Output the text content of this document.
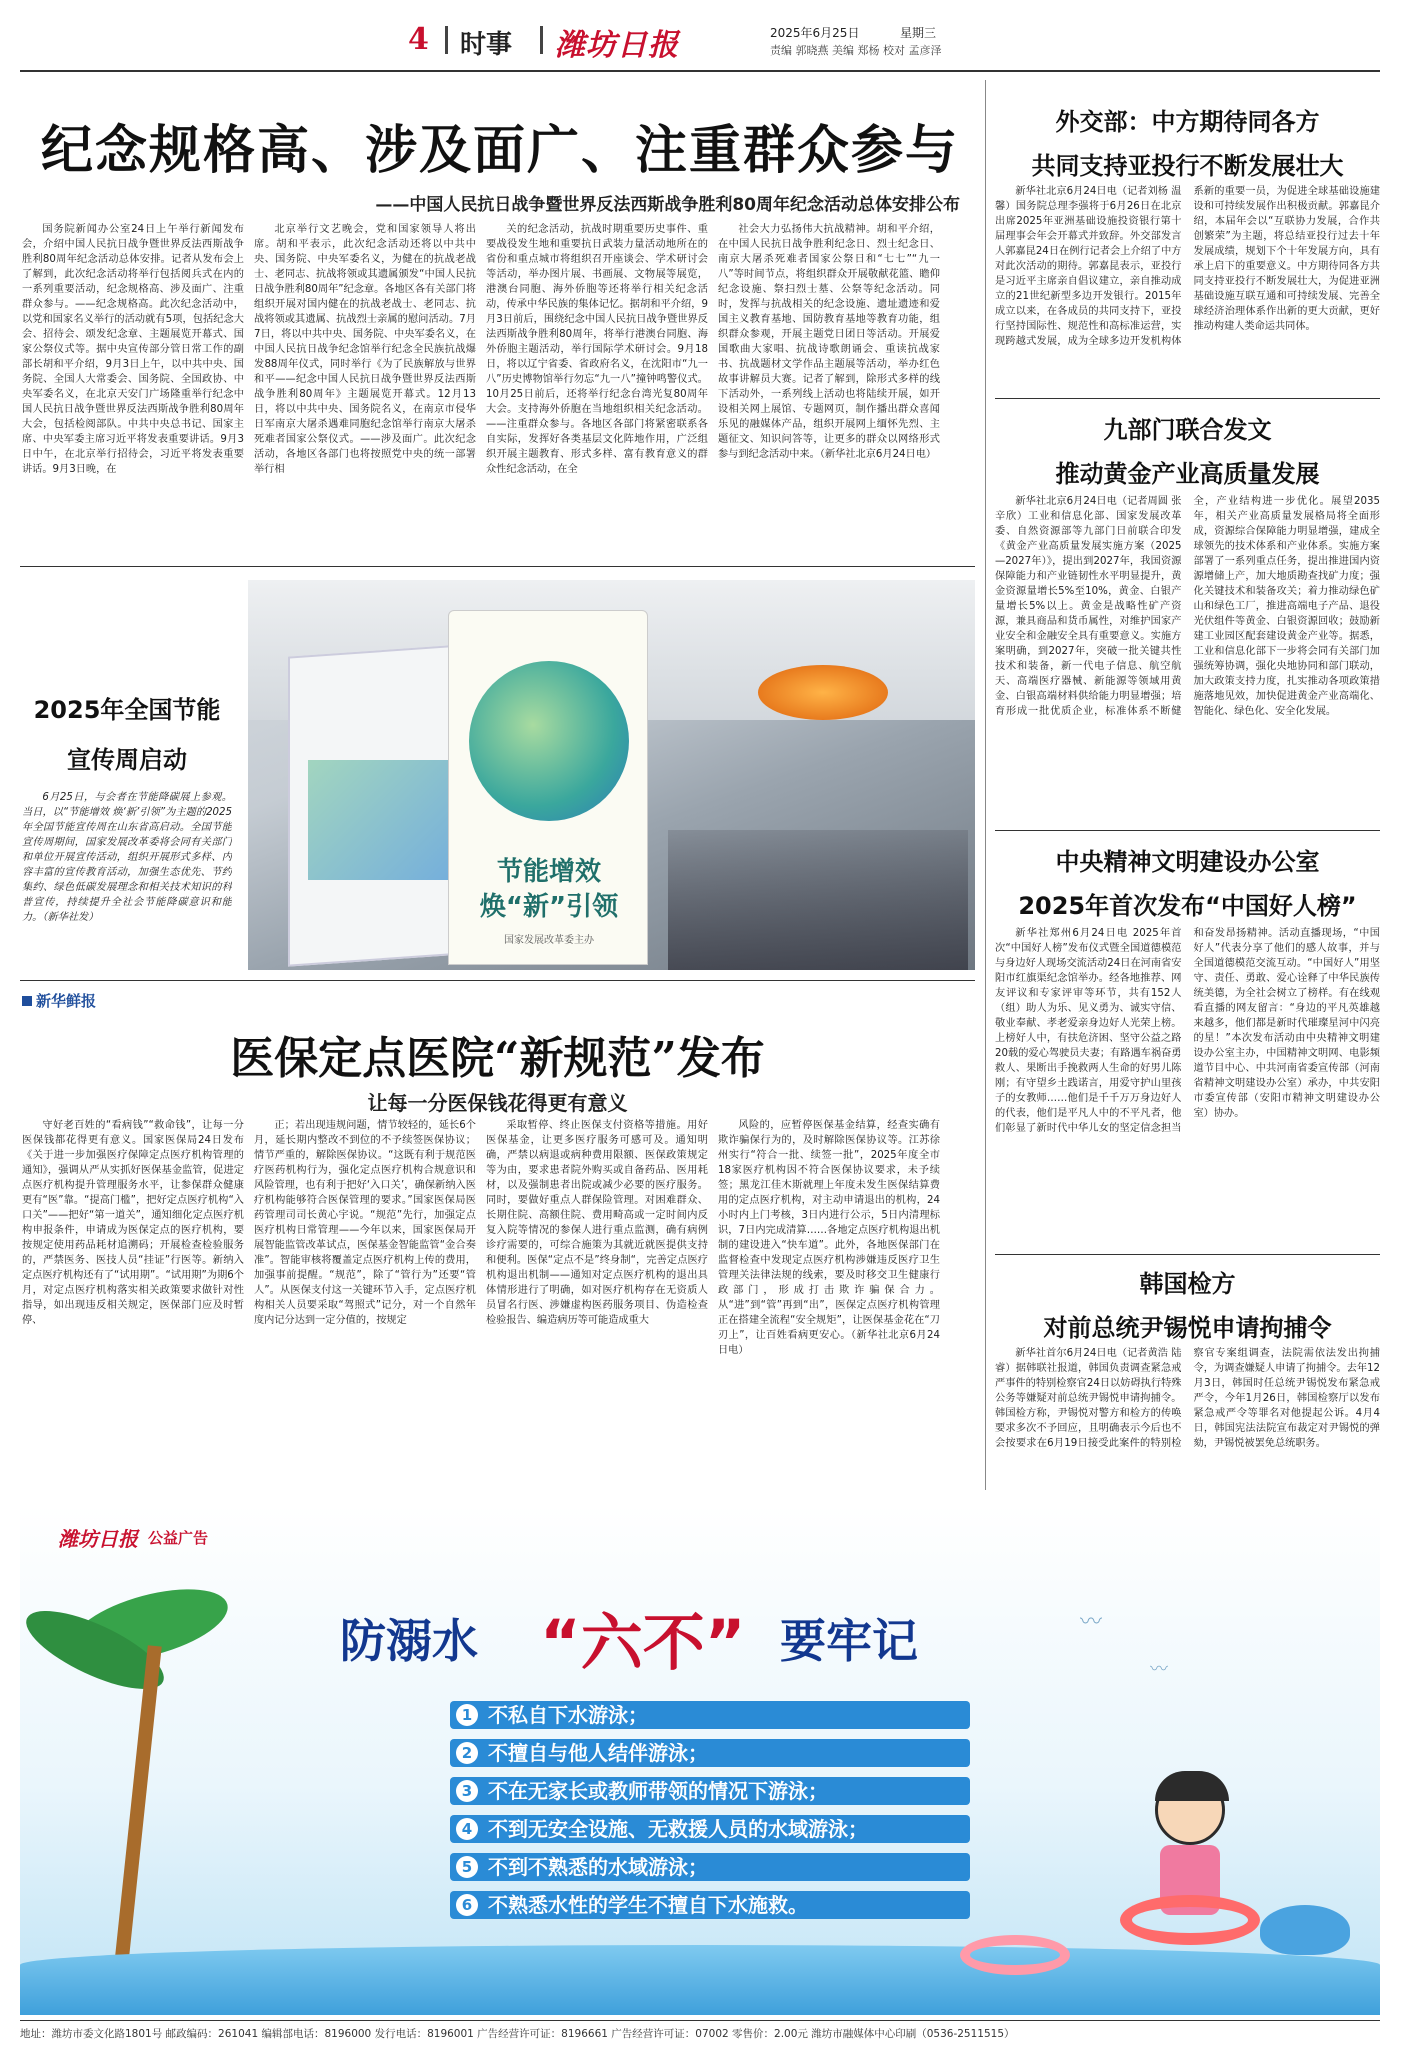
4 时事 潍坊日报	2025年6月25日	星期三
责编 郭晓燕 美编 郑杨 校对 孟彦泽
纪念规格高、涉及面广、注重群众参与
——中国人民抗日战争暨世界反法西斯战争胜利80周年纪念活动总体安排公布

国务院新闻办公室24日上午举行新闻发布会，介绍中国人民抗日战争暨世界反法西斯战争胜利80周年纪念活动总体安排。记者从发布会上了解到，此次纪念活动将举行包括阅兵式在内的一系列重要活动，纪念规格高、涉及面广、注重群众参与。——纪念规格高。此次纪念活动中，以党和国家名义举行的活动就有5项，包括纪念大会、招待会、颂发纪念章、主题展览开幕式、国家公祭仪式等。据中央宣传部分管日常工作的副部长胡和平介绍，9月3日上午，以中共中央、国务院、全国人大常委会、国务院、全国政协、中央军委名义，在北京天安门广场隆重举行纪念中国人民抗日战争暨世界反法西斯战争胜利80周年大会，包括检阅部队。中共中央总书记、国家主席、中央军委主席习近平将发表重要讲话。9月3日中午，在北京举行招待会，习近平将发表重要讲话。9月3日晚，在

北京举行文艺晚会，党和国家领导人将出席。胡和平表示，此次纪念活动还将以中共中央、国务院、中央军委名义，为健在的抗战老战士、老同志、抗战将领或其遗属颁发“中国人民抗日战争胜利80周年”纪念章。各地区各有关部门将组织开展对国内健在的抗战老战士、老同志、抗战将领或其遗属、抗战烈士亲属的慰问活动。7月7日，将以中共中央、国务院、中央军委名义，在中国人民抗日战争纪念馆举行纪念全民族抗战爆发88周年仪式，同时举行《为了民族解放与世界和平——纪念中国人民抗日战争暨世界反法西斯战争胜利80周年》主题展览开幕式。12月13日，将以中共中央、国务院名义，在南京市侵华日军南京大屠杀遇难同胞纪念馆举行南京大屠杀死难者国家公祭仪式。——涉及面广。此次纪念活动，各地区各部门也将按照党中央的统一部署举行相

关的纪念活动，抗战时期重要历史事件、重要战役发生地和重要抗日武装力量活动地所在的省份和重点城市将组织召开座谈会、学术研讨会等活动，举办图片展、书画展、文物展等展览，港澳台同胞、海外侨胞等还将举行相关纪念活动，传承中华民族的集体记忆。据胡和平介绍，9月3日前后，围绕纪念中国人民抗日战争暨世界反法西斯战争胜利80周年，将举行港澳台同胞、海外侨胞主题活动，举行国际学术研讨会。9月18日，将以辽宁省委、省政府名义，在沈阳市“九一八”历史博物馆举行勿忘“九一八”撞钟鸣警仪式。10月25日前后，还将举行纪念台湾光复80周年大会。支持海外侨胞在当地组织相关纪念活动。——注重群众参与。各地区各部门将紧密联系各自实际，发挥好各类基层文化阵地作用，广泛组织开展主题教育、形式多样、富有教育意义的群众性纪念活动，在全

社会大力弘扬伟大抗战精神。胡和平介绍，在中国人民抗日战争胜利纪念日、烈士纪念日、南京大屠杀死难者国家公祭日和“七七”“九一八”等时间节点，将组织群众开展敬献花篮、瞻仰纪念设施、祭扫烈士墓、公祭等纪念活动。同时，发挥与抗战相关的纪念设施、遗址遗迹和爱国主义教育基地、国防教育基地等教育功能，组织群众参观，开展主题党日团日等活动。开展爱国歌曲大家唱、抗战诗歌朗诵会、重读抗战家书、抗战题材文学作品主题展等活动，举办红色故事讲解员大赛。记者了解到，除形式多样的线下活动外，一系列线上活动也将陆续开展，如开设相关网上展馆、专题网页，制作播出群众喜闻乐见的融媒体产品，组织开展网上缅怀先烈、主题征文、知识问答等，让更多的群众以网络形式参与到纪念活动中来。（新华社北京6月24日电）

2025年全国节能
宣传周启动

6月25日，与会者在节能降碳展上参观。当日，以“节能增效 焕‘新’引领”为主题的2025年全国节能宣传周在山东省高启动。全国节能宣传周期间，国家发展改革委将会同有关部门和单位开展宣传活动，组织开展形式多样、内容丰富的宣传教育活动，加强生态优先、节约集约、绿色低碳发展理念和相关技术知识的科普宣传，持续提升全社会节能降碳意识和能力。（新华社发）

节能增效
焕“新”引领
国家发展改革委主办
新华鲜报
医保定点医院“新规范”发布
让每一分医保钱花得更有意义

守好老百姓的“看病钱”“救命钱”，让每一分医保钱都花得更有意义。国家医保局24日发布《关于进一步加强医疗保障定点医疗机构管理的通知》，强调从严从实抓好医保基金监管，促进定点医疗机构提升管理服务水平，让参保群众健康更有“医”靠。“提高门槛”，把好定点医疗机构“入口关”——把好“第一道关”，通知细化定点医疗机构申报条件，申请成为医保定点的医疗机构，要按规定使用药品耗材追溯码；开展检查检验服务的，严禁医务、医技人员“挂证”行医等。新纳入定点医疗机构还有了“试用期”。“试用期”为期6个月，对定点医疗机构落实相关政策要求做针对性指导，如出现违反相关规定，医保部门应及时暂停、

正；若出现违规问题，情节较轻的，延长6个月，延长期内整改不到位的不予续签医保协议；情节严重的，解除医保协议。“这既有利于规范医疗医药机构行为，强化定点医疗机构合规意识和风险管理，也有利于把好‘入口关’，确保新纳入医疗机构能够符合医保管理的要求。”国家医保局医药管理司司长黄心宇说。“规范”先行，加强定点医疗机构日常管理——今年以来，国家医保局开展智能监管改革试点，医保基金智能监管“金合奏准”。智能审核将覆盖定点医疗机构上传的费用，加强事前提醒。“规范”，除了“管行为”还要“管人”。从医保支付这一关键环节入手，定点医疗机构相关人员要采取“驾照式”记分，对一个自然年度内记分达到一定分值的，按规定

采取暂停、终止医保支付资格等措施。用好医保基金，让更多医疗服务可感可及。通知明确，严禁以病退或病种费用限额、医保政策规定等为由，要求患者院外购买或自备药品、医用耗材，以及强制患者出院或减少必要的医疗服务。同时，要做好重点人群保险管理。对困难群众、长期住院、高额住院、费用畸高或一定时间内反复入院等情况的参保人进行重点监测，确有病例诊疗需要的，可综合施策为其就近就医提供支持和便利。医保“定点不是”终身制“，完善定点医疗机构退出机制——通知对定点医疗机构的退出具体情形进行了明确，如对医疗机构存在无资质人员冒名行医、涉嫌虚构医药服务项目、伪造检查检验报告、编造病历等可能造成重大

风险的，应暂停医保基金结算，经查实确有欺诈骗保行为的，及时解除医保协议等。江苏徐州实行“符合一批、续签一批”，2025年度全市18家医疗机构因不符合医保协议要求，未予续签；黑龙江佳木斯就理上年度未发生医保结算费用的定点医疗机构，对主动申请退出的机构，24小时内上门考核，3日内进行公示，5日内清理标识，7日内完成清算……各地定点医疗机构退出机制的建设进入“快车道”。此外，各地医保部门在监督检查中发现定点医疗机构涉嫌违反医疗卫生管理关法律法规的线索，要及时移交卫生健康行政部门，形成打击欺诈骗保合力。从“进”到“管”再到“出”，医保定点医疗机构管理正在搭建全流程“安全规矩”，让医保基金花在“刀刃上”，让百姓看病更安心。（新华社北京6月24日电）

外交部：中方期待同各方
共同支持亚投行不断发展壮大

新华社北京6月24日电（记者刘杨 温馨）国务院总理李强将于6月26日在北京出席2025年亚洲基础设施投资银行第十届理事会年会开幕式并致辞。外交部发言人郭嘉昆24日在例行记者会上介绍了中方对此次活动的期待。郭嘉昆表示，亚投行是习近平主席亲自倡议建立，亲自推动成立的21世纪新型多边开发银行。2015年成立以来，在各成员的共同支持下，亚投行坚持国际性、规范性和高标准运营，实现跨越式发展，成为全球多边开发机构体系新的重要一员，为促进全球基础设施建设和可持续发展作出积极贡献。郭嘉昆介绍，本届年会以“互联协力发展，合作共创繁荣”为主题，将总结亚投行过去十年发展成绩，规划下个十年发展方向，具有承上启下的重要意义。中方期待同各方共同支持亚投行不断发展壮大，为促进亚洲基础设施互联互通和可持续发展、完善全球经济治理体系作出新的更大贡献，更好推动构建人类命运共同体。

九部门联合发文
推动黄金产业高质量发展

新华社北京6月24日电（记者周圆 张辛欣）工业和信息化部、国家发展改革委、自然资源部等九部门日前联合印发《黄金产业高质量发展实施方案（2025—2027年）》，提出到2027年，我国资源保障能力和产业链韧性水平明显提升，黄金资源量增长5%至10%，黄金、白银产量增长5%以上。黄金是战略性矿产资源，兼具商品和货币属性，对维护国家产业安全和金融安全具有重要意义。实施方案明确，到2027年，突破一批关键共性技术和装备，新一代电子信息、航空航天、高端医疗器械、新能源等领域用黄金、白银高端材料供给能力明显增强；培育形成一批优质企业，标准体系不断健全，产业结构进一步优化。展望2035年，相关产业高质量发展格局将全面形成，资源综合保障能力明显增强，建成全球领先的技术体系和产业体系。实施方案部署了一系列重点任务，提出推进国内资源增储上产，加大地质勘查找矿力度；强化关键技术和装备攻关；着力推动绿色矿山和绿色工厂，推进高端电子产品、退役光伏组件等黄金、白银资源回收；鼓励新建工业园区配套建设黄金产业等。据悉，工业和信息化部下一步将会同有关部门加强统筹协调，强化央地协同和部门联动，加大政策支持力度，扎实推动各项政策措施落地见效，加快促进黄金产业高端化、智能化、绿色化、安全化发展。

中央精神文明建设办公室
2025年首次发布“中国好人榜”

新华社郑州6月24日电 2025年首次“中国好人榜”发布仪式暨全国道德模范与身边好人现场交流活动24日在河南省安阳市红旗渠纪念馆举办。经各地推荐、网友评议和专家评审等环节，共有152人（组）助人为乐、见义勇为、诚实守信、敬业奉献、孝老爱亲身边好人光荣上榜。上榜好人中，有扶危济困、坚守公益之路20载的爱心驾驶员夫妻；有路遇车祸奋勇救人、果断出手挽救两人生命的好男儿陈刚；有守望乡土践诺言，用爱守护山里孩子的女教师……他们是千千万万身边好人的代表，他们是平凡人中的不平凡者，他们彰显了新时代中华儿女的坚定信念担当和奋发昂扬精神。活动直播现场，“中国好人”代表分享了他们的感人故事，并与全国道德模范交流互动。“中国好人”用坚守、责任、勇敢、爱心诠释了中华民族传统美德，为全社会树立了榜样。有在线观看直播的网友留言：“身边的平凡英雄越来越多，他们都是新时代璀璨星河中闪亮的星！”本次发布活动由中央精神文明建设办公室主办，中国精神文明网、电影频道节目中心、中共河南省委宣传部（河南省精神文明建设办公室）承办，中共安阳市委宣传部（安阳市精神文明建设办公室）协办。

韩国检方
对前总统尹锡悦申请拘捕令

新华社首尔6月24日电（记者黄浩 陆睿）据韩联社报道，韩国负责调查紧急戒严事件的特别检察官24日以妨碍执行特殊公务等嫌疑对前总统尹锡悦申请拘捕令。韩国检方称，尹锡悦对警方和检方的传唤要求多次不予回应，且明确表示今后也不会按要求在6月19日接受此案件的特别检察官专案组调查，法院需依法发出拘捕令，为调查嫌疑人申请了拘捕令。去年12月3日，韩国时任总统尹锡悦发布紧急戒严令，今年1月26日，韩国检察厅以发布紧急戒严令等罪名对他提起公诉。4月4日，韩国宪法法院宣布裁定对尹锡悦的弹劾，尹锡悦被罢免总统职务。

潍坊日报 公益广告
防溺水 “六不” 要牢记
1 不私自下水游泳；
2 不擅自与他人结伴游泳；
3 不在无家长或教师带领的情况下游泳；
4 不到无安全设施、无救援人员的水域游泳；
5 不到不熟悉的水域游泳；
6 不熟悉水性的学生不擅自下水施救。
〰
〰
地址：潍坊市委文化路1801号 邮政编码：261041 编辑部电话：8196000 发行电话：8196001 广告经营许可证：8196661 广告经营许可证：07002 零售价：2.00元 潍坊市融媒体中心印刷（0536-2511515）
